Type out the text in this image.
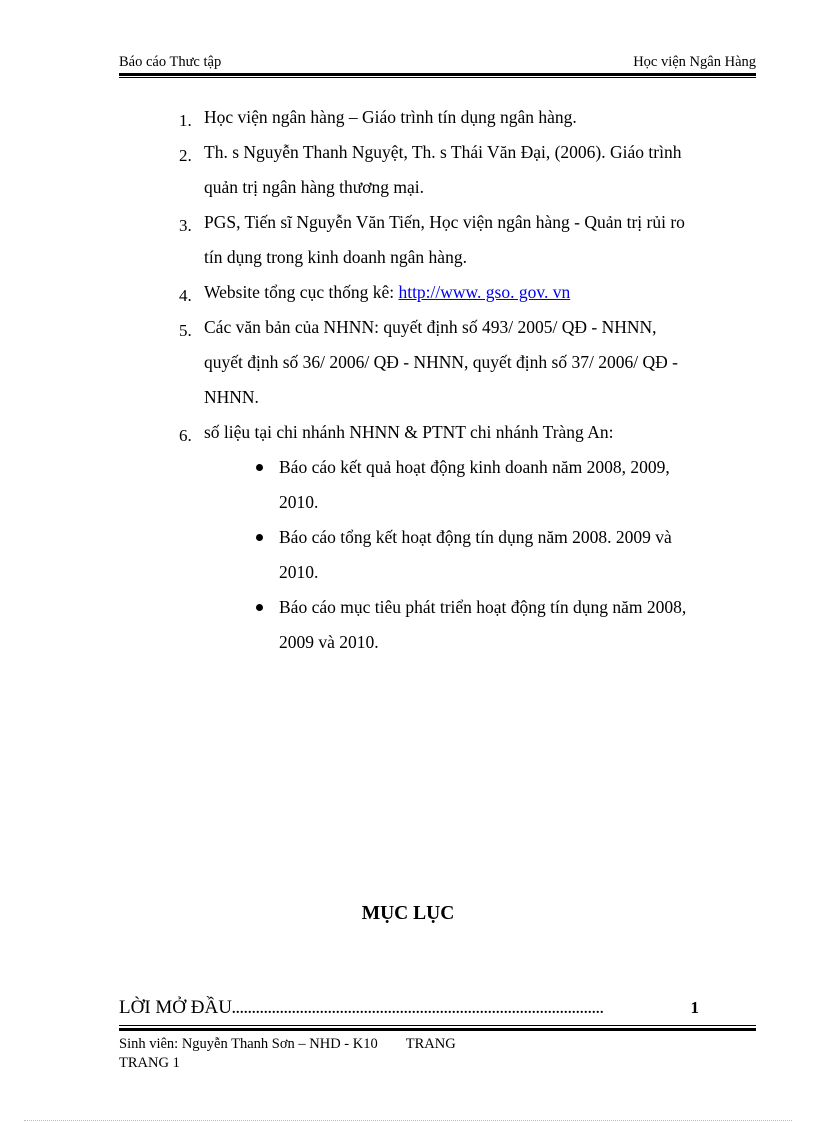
Báo cáo Thưc tập	Học viện Ngân Hàng
1. Học viện ngân hàng – Giáo trình tín dụng ngân hàng.
2. Th. s Nguyễn Thanh Nguyệt, Th. s Thái Văn Đại, (2006). Giáo trình quản trị ngân hàng thương mại.
3. PGS, Tiến sĩ Nguyễn Văn Tiến, Học viện ngân hàng - Quản trị rủi ro tín dụng trong kinh doanh ngân hàng.
4. Website tổng cục thống kê: http://www. gso. gov. vn
5. Các văn bản của NHNN: quyết định số 493/ 2005/ QĐ - NHNN, quyết định số 36/ 2006/ QĐ - NHNN, quyết định số 37/ 2006/ QĐ - NHNN.
6. số liệu tại chi nhánh NHNN & PTNT chi nhánh Tràng An:
Báo cáo kết quả hoạt động kinh doanh năm 2008, 2009, 2010.
Báo cáo tổng kết hoạt động tín dụng năm 2008. 2009 và 2010.
Báo cáo mục tiêu phát triển hoạt động tín dụng năm 2008, 2009 và 2010.
MỤC LỤC
LỜI MỞ ĐẦU .............................................................................................	1
Sinh viên: Nguyễn Thanh Sơn – NHD - K10 TRANG
TRANG 1
